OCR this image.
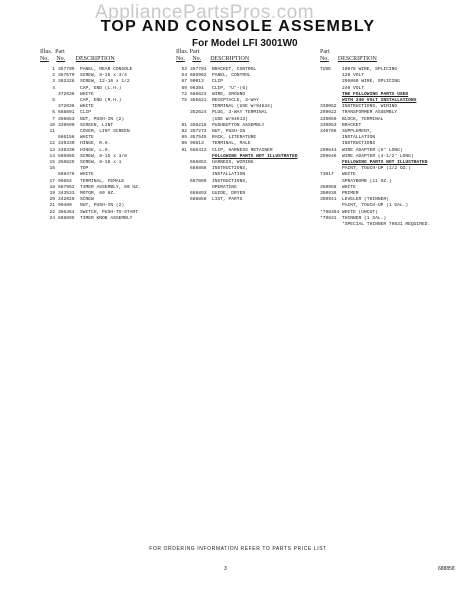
AppliancePartsPros.com
TOP AND CONSOLE ASSEMBLY
For Model LFI 3001W0
Illus. Part
No. No. DESCRIPTION
Illus. Part
No. No. DESCRIPTION
Part
No. DESCRIPTION
1 357709	PANEL, REAR CONSOLE
2 357670	SCREW, 8-15 x 3/4
3 383326	SCREW, 12-16 x 1/2
4	CAP, END (L.H.)
372036	WHITE
5	CAP, END (R.H.)
372036	WHITE
6 688801	CLIP
7 356653	NUT, PUSH-IN (2)
10 339590	SCREEN, LINT
11	COVER, LINT SCREEN
686158	WHITE
12 339330	HINGE, R.H.
13 339330	HINGE, L.H.
14 686985	SCREW, 8-15 x 3/8
15 356825	SCREW, 8-18 x 1
16	TOP
688479	WHITE
17 96654	TERMINAL, FEMALE
18 687962	TIMER ASSEMBLY, 60 HZ.
19 343533	MOTOR, 60 HZ.
20 342020	SCREW
21 90480	NUT, PUSH-IN (2)
22 356364	SWITCH, PUSH-TO-START
24 688895	TIMER KNOB ASSEMBLY
53 357703	BRACKET, CONTROL
54 686902	PANEL, CONTROL
67 90013	CLIP
69 96394	CLIP, "U"-(6)
72 686623	WIRE, GROUND
75 355621	RECEPTACLE, 3-WAY
TERMINAL (USE W/94634)
352624	PLUG, 3-WAY TERMINAL
(USE W/94613)
81 356218	PUSHBUTTON ASSEMBLY
82 357273	NUT, PUSH-IN
85 357545	RACK, LITERATURE
86 96813	TERMINAL, MALE
91 686413	CLIP, HARNESS RETAINER
FOLLOWING PARTS NOT ILLUSTRATED
686852	HARNESS, WIRING
688866	INSTRUCTIONS,
INSTALLATION
687889	INSTRUCTIONS,
OPERATING
686893	GUIDE, DRYER
688858	LIST, PARTS
TUSE	10078 WIRE, SPLICING
120 VOLT
296860 WIRE, SPLICING
240 VOLT
THE FOLLOWING PARTS USED
WITH 240 VOLT INSTALLATIONS
339062	INSTRUCTIONS, WIRING
299022	TRANSFORMER ASSEMBLY
339059	BLOCK, TERMINAL
339053	BRACKET
340706	SUPPLEMENT,
INSTALLATION
INSTRUCTIONS
299643	WIRE ADAPTER (6" LONG)
299646	WIRE ADAPTER (4-1/2" LONG)
FOLLOWING PARTS NOT ILLUSTRATED
PAINT, TOUCH-UP (1/2 OZ.)
73017	WHITE
SPRAYBOMB (11 OZ.)
350958	WHITE
350936	PRIMER
350941	LEVELER (THINNER)
PAINT, TOUCH-UP (1 GAL.)
*798364 WHITE (UNCUT)
*79831	THINNER (1 GAL.)
*SPECIAL THINNER 79831 REQUIRED.
FOR ORDERING INFORMATION REFER TO PARTS PRICE LIST
3	688858
